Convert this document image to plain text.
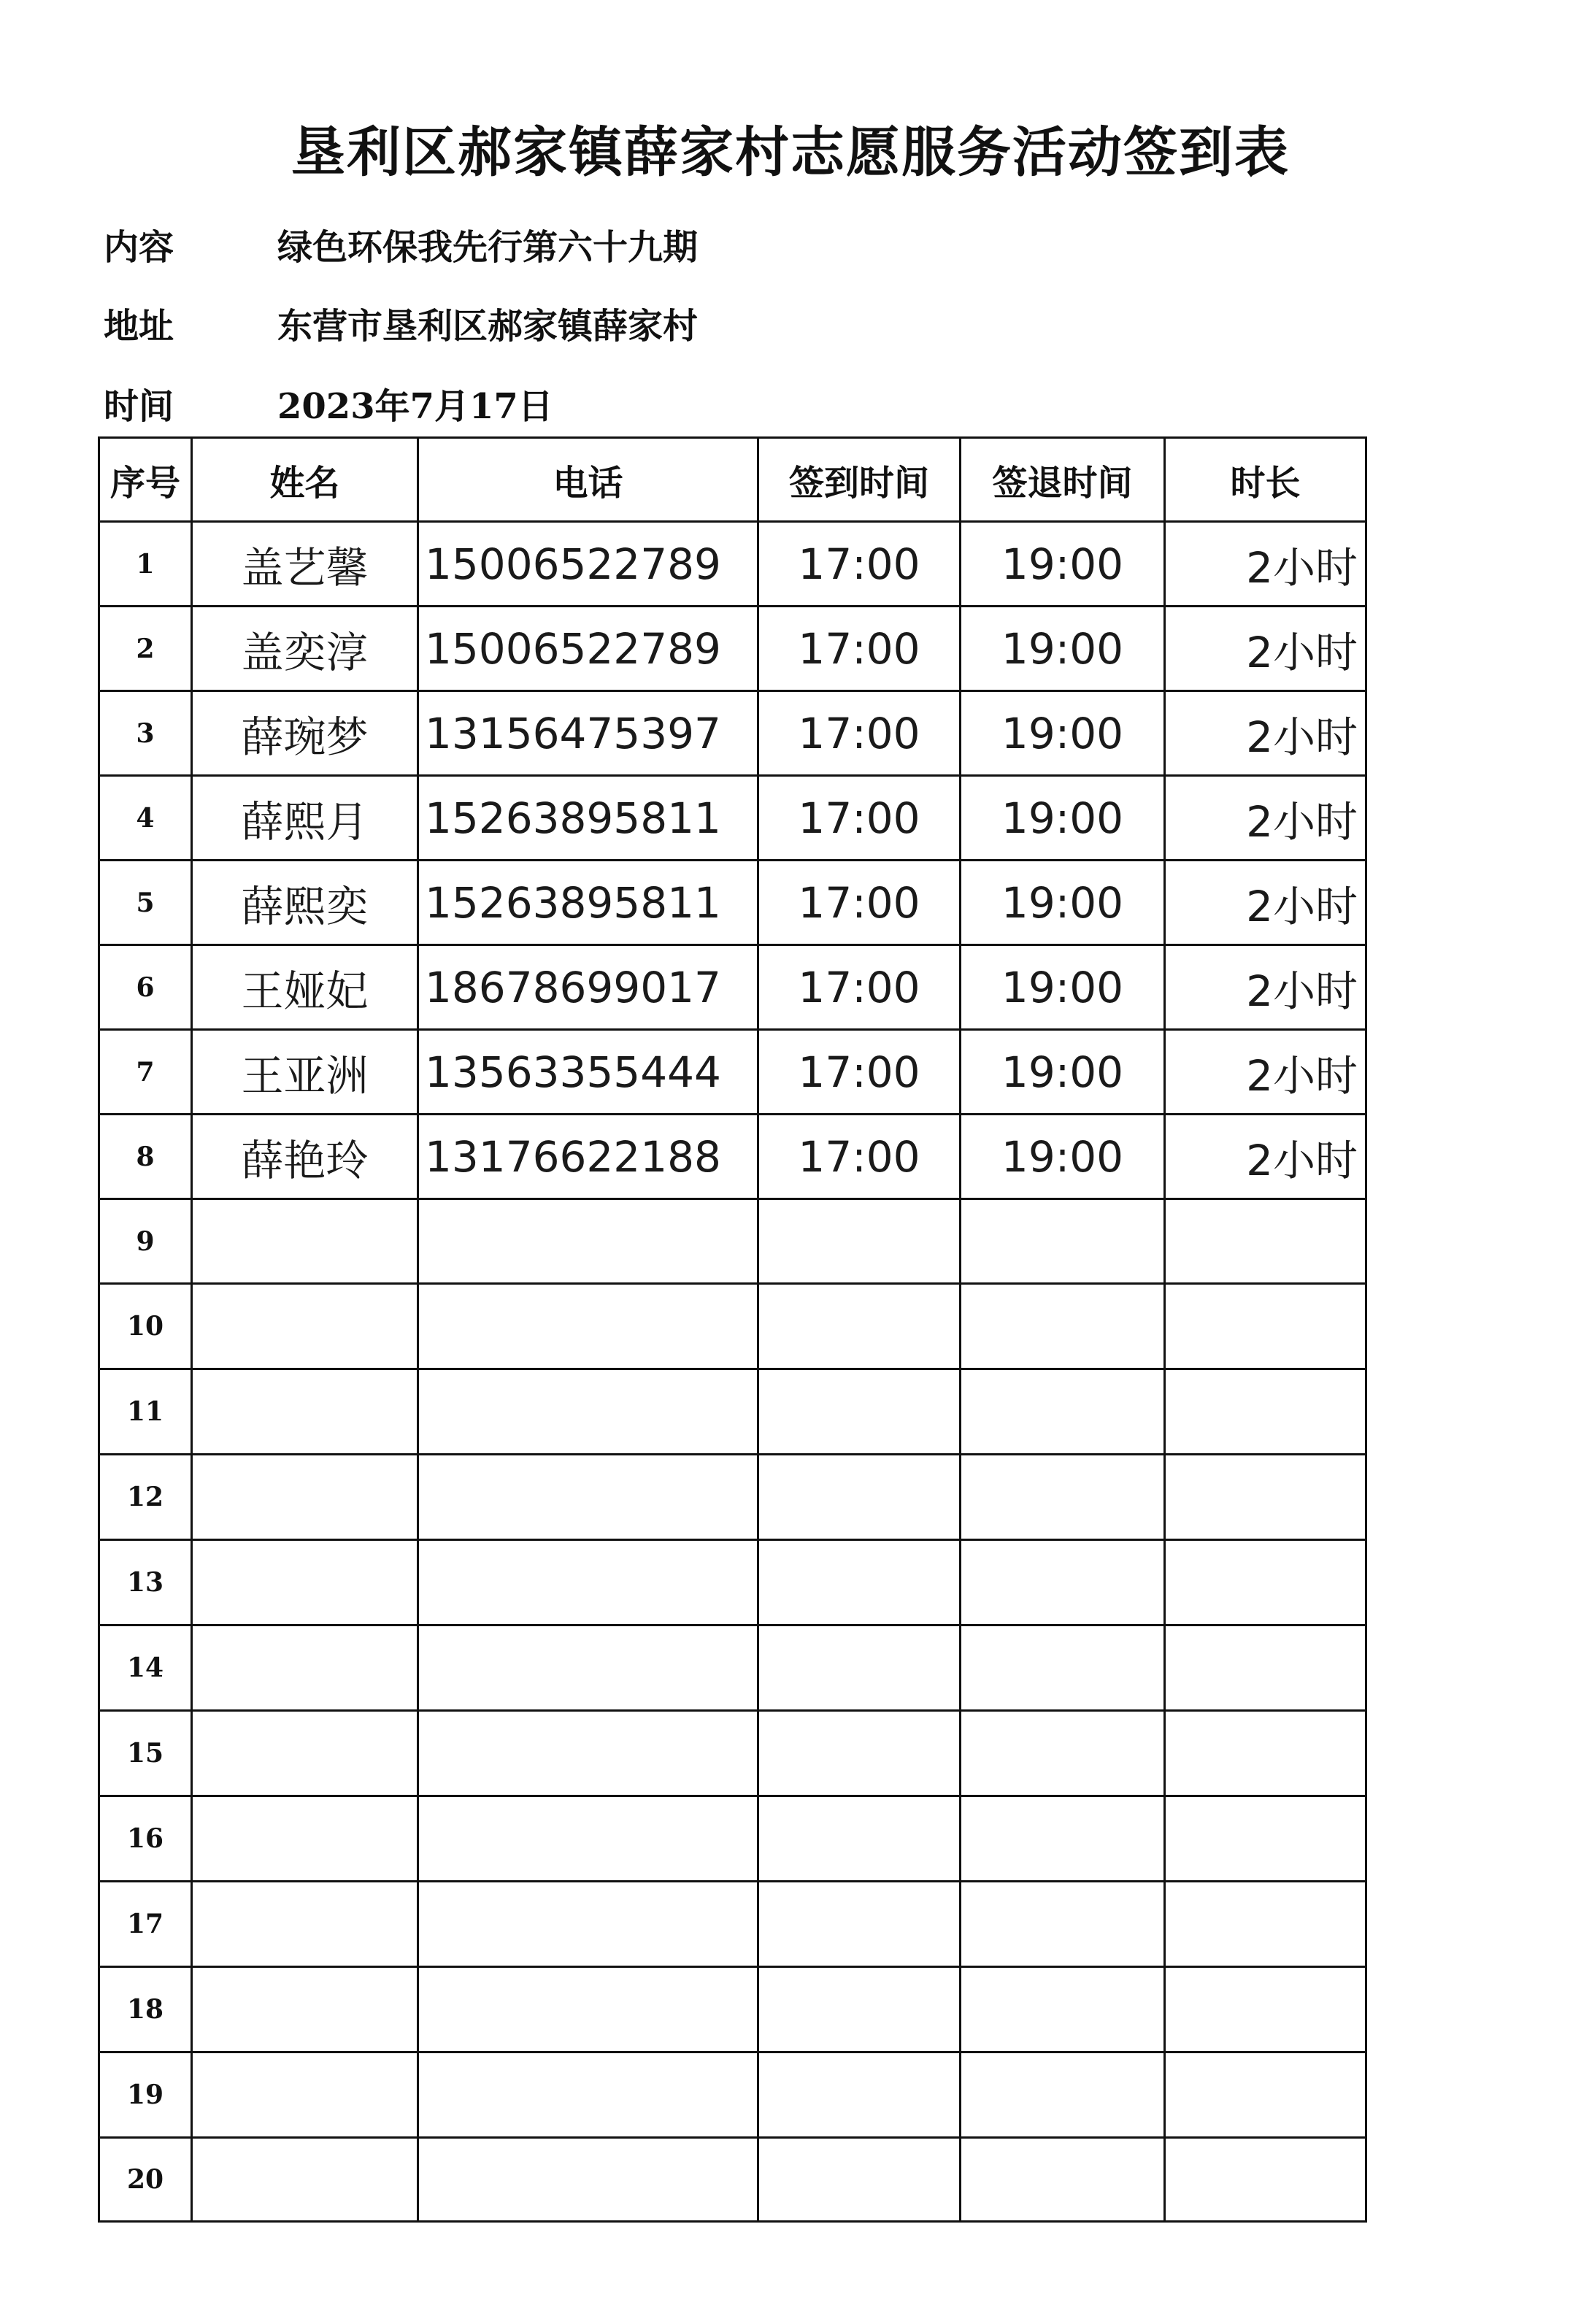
垦利区郝家镇薛家村志愿服务活动签到表
内容	绿色环保我先行第六十九期
地址	东营市垦利区郝家镇薛家村
时间	2023年7月17日
序号	姓名	电话	签到时间	签退时间	时长
1	盖艺馨	15006522789	17:00	19:00	2小时
2	盖奕淳	15006522789	17:00	19:00	2小时
3	薛琬梦	13156475397	17:00	19:00	2小时
4	薛熙月	15263895811	17:00	19:00	2小时
5	薛熙奕	15263895811	17:00	19:00	2小时
6	王娅妃	18678699017	17:00	19:00	2小时
7	王亚洲	13563355444	17:00	19:00	2小时
8	薛艳玲	13176622188	17:00	19:00	2小时
9					
10					
11					
12					
13					
14					
15					
16					
17					
18					
19					
20					
